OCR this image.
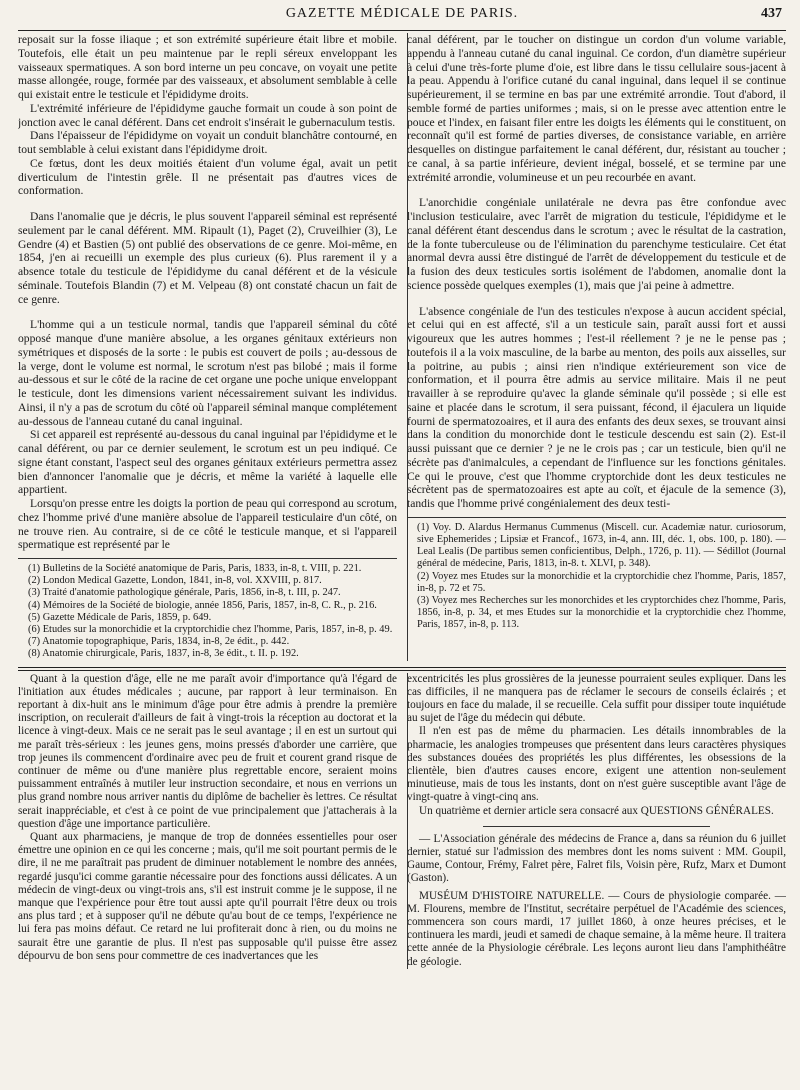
GAZETTE MÉDICALE DE PARIS.	437

reposait sur la fosse iliaque ; et son extrémité supérieure était libre et mobile. Toutefois, elle était un peu maintenue par le repli séreux enveloppant les vaisseaux spermatiques. A son bord interne un peu concave, on voyait une petite masse allongée, rouge, formée par des vaisseaux, et absolument semblable à celle qui existait entre le testicule et l'épididyme droits.

L'extrémité inférieure de l'épididyme gauche formait un coude à son point de jonction avec le canal déférent. Dans cet endroit s'insérait le gubernaculum testis.

Dans l'épaisseur de l'épididyme on voyait un conduit blanchâtre contourné, en tout semblable à celui existant dans l'épididyme droit.

Ce fœtus, dont les deux moitiés étaient d'un volume égal, avait un petit diverticulum de l'intestin grêle. Il ne présentait pas d'autres vices de conformation.

Dans l'anomalie que je décris, le plus souvent l'appareil séminal est représenté seulement par le canal déférent. MM. Ripault (1), Paget (2), Cruveilhier (3), Le Gendre (4) et Bastien (5) ont publié des observations de ce genre. Moi-même, en 1854, j'en ai recueilli un exemple des plus curieux (6). Plus rarement il y a absence totale du testicule de l'épididyme du canal déférent et de la vésicule séminale. Toutefois Blandin (7) et M. Velpeau (8) ont constaté chacun un fait de ce genre.

L'homme qui a un testicule normal, tandis que l'appareil séminal du côté opposé manque d'une manière absolue, a les organes génitaux extérieurs non symétriques et disposés de la sorte : le pubis est couvert de poils ; au-dessous de la verge, dont le volume est normal, le scrotum n'est pas bilobé ; mais il forme au-dessous et sur le côté de la racine de cet organe une poche unique enveloppant le testicule, dont les dimensions varient nécessairement suivant les individus. Ainsi, il n'y a pas de scrotum du côté où l'appareil séminal manque complétement au-dessous de l'anneau cutané du canal inguinal.

Si cet appareil est représenté au-dessous du canal inguinal par l'épididyme et le canal déférent, ou par ce dernier seulement, le scrotum est un peu indiqué. Ce signe étant constant, l'aspect seul des organes génitaux extérieurs permettra assez bien d'annoncer l'anomalie que je décris, et même la variété à laquelle elle appartient.

Lorsqu'on presse entre les doigts la portion de peau qui correspond au scrotum, chez l'homme privé d'une manière absolue de l'appareil testiculaire d'un côté, on ne trouve rien. Au contraire, si de ce côté le testicule manque, et si l'appareil spermatique est représenté par le

(1) Bulletins de la Société anatomique de Paris, Paris, 1833, in-8, t. VIII, p. 221.

(2) London Medical Gazette, London, 1841, in-8, vol. XXVIII, p. 817.

(3) Traité d'anatomie pathologique générale, Paris, 1856, in-8, t. III, p. 247.

(4) Mémoires de la Société de biologie, année 1856, Paris, 1857, in-8, C. R., p. 216.

(5) Gazette Médicale de Paris, 1859, p. 649.

(6) Etudes sur la monorchidie et la cryptorchidie chez l'homme, Paris, 1857, in-8, p. 49.

(7) Anatomie topographique, Paris, 1834, in-8, 2e édit., p. 442.

(8) Anatomie chirurgicale, Paris, 1837, in-8, 3e édit., t. II. p. 192.

canal déférent, par le toucher on distingue un cordon d'un volume variable, appendu à l'anneau cutané du canal inguinal. Ce cordon, d'un diamètre supérieur à celui d'une très-forte plume d'oie, est libre dans le tissu cellulaire sous-jacent à la peau. Appendu à l'orifice cutané du canal inguinal, dans lequel il se continue supérieurement, il se termine en bas par une extrémité arrondie. Tout d'abord, il semble formé de parties uniformes ; mais, si on le presse avec attention entre le pouce et l'index, en faisant filer entre les doigts les éléments qui le constituent, on reconnaît qu'il est formé de parties diverses, de consistance variable, en arrière desquelles on distingue parfaitement le canal déférent, dur, résistant au toucher ; ce canal, à sa partie inférieure, devient inégal, bosselé, et se termine par une extrémité arrondie, volumineuse et un peu recourbée en avant.

L'anorchidie congéniale unilatérale ne devra pas être confondue avec l'inclusion testiculaire, avec l'arrêt de migration du testicule, l'épididyme et le canal déférent étant descendus dans le scrotum ; avec le résultat de la castration, de la fonte tuberculeuse ou de l'élimination du parenchyme testiculaire. Cet état anormal devra aussi être distingué de l'arrêt de développement du testicule et de la fusion des deux testicules sortis isolément de l'abdomen, anomalie dont la science possède quelques exemples (1), mais que j'ai peine à admettre.

L'absence congéniale de l'un des testicules n'expose à aucun accident spécial, et celui qui en est affecté, s'il a un testicule sain, paraît aussi fort et aussi vigoureux que les autres hommes ; l'est-il réellement ? je ne le pense pas ; toutefois il a la voix masculine, de la barbe au menton, des poils aux aisselles, sur la poitrine, au pubis ; ainsi rien n'indique extérieurement son vice de conformation, et il pourra être admis au service militaire. Mais il ne peut travailler à se reproduire qu'avec la glande séminale qu'il possède ; si elle est saine et placée dans le scrotum, il sera puissant, fécond, il éjaculera un liquide fourni de spermatozoaires, et il aura des enfants des deux sexes, se trouvant ainsi dans la condition du monorchide dont le testicule descendu est sain (2). Est-il aussi puissant que ce dernier ? je ne le crois pas ; car un testicule, bien qu'il ne sécrète pas d'animalcules, a cependant de l'influence sur les fonctions génitales. Ce qui le prouve, c'est que l'homme cryptorchide dont les deux testicules ne sécrètent pas de spermatozoaires est apte au coït, et éjacule de la semence (3), tandis que l'homme privé congénialement des deux testi-

(1) Voy. D. Alardus Hermanus Cummenus (Miscell. cur. Academiæ natur. curiosorum, sive Ephemerides ; Lipsiæ et Francof., 1673, in-4, ann. III, déc. 1, obs. 100, p. 180). — Leal Lealis (De partibus semen conficientibus, Delph., 1726, p. 11). — Sédillot (Journal général de médecine, Paris, 1813, in-8. t. XLVI, p. 348).

(2) Voyez mes Etudes sur la monorchidie et la cryptorchidie chez l'homme, Paris, 1857, in-8, p. 72 et 75.

(3) Voyez mes Recherches sur les monorchides et les cryptorchides chez l'homme, Paris, 1856, in-8, p. 34, et mes Etudes sur la monorchidie et la cryptorchidie chez l'homme, Paris, 1857, in-8, p. 113.

Quant à la question d'âge, elle ne me paraît avoir d'importance qu'à l'égard de l'initiation aux études médicales ; aucune, par rapport à leur terminaison. En reportant à dix-huit ans le minimum d'âge pour être admis à prendre la première inscription, on reculerait d'ailleurs de fait à vingt-trois la réception au doctorat et la licence à vingt-deux. Mais ce ne serait pas le seul avantage ; il en est un surtout qui me paraît très-sérieux : les jeunes gens, moins pressés d'aborder une carrière, que trop jeunes ils commencent d'ordinaire avec peu de fruit et courent grand risque de continuer de même ou d'une manière plus regrettable encore, seraient moins puissamment entraînés à mutiler leur instruction secondaire, et nous en verrions un plus grand nombre nous arriver nantis du diplôme de bachelier ès lettres. Ce résultat serait inappréciable, et c'est à ce point de vue principalement que j'attacherais à la question d'âge une importance particulière.

Quant aux pharmaciens, je manque de trop de données essentielles pour oser émettre une opinion en ce qui les concerne ; mais, qu'il me soit pourtant permis de le dire, il ne me paraîtrait pas prudent de diminuer notablement le nombre des années, regardé jusqu'ici comme garantie nécessaire pour des fonctions aussi délicates. A un médecin de vingt-deux ou vingt-trois ans, s'il est instruit comme je le suppose, il ne manque que l'expérience pour être tout aussi apte qu'il pourrait l'être deux ou trois ans plus tard ; et à supposer qu'il ne débute qu'au bout de ce temps, l'expérience ne lui fera pas moins défaut. Ce retard ne lui profiterait donc à rien, ou du moins ne saurait être une garantie de plus. Il n'est pas supposable qu'il puisse être assez dépourvu de bon sens pour commettre de ces inadvertances que les

excentricités les plus grossières de la jeunesse pourraient seules expliquer. Dans les cas difficiles, il ne manquera pas de réclamer le secours de conseils éclairés ; et toujours en face du malade, il se recueille. Cela suffit pour dissiper toute inquiétude au sujet de l'âge du médecin qui débute.

Il n'en est pas de même du pharmacien. Les détails innombrables de la pharmacie, les analogies trompeuses que présentent dans leurs caractères physiques des substances douées des propriétés les plus différentes, les obsessions de la clientèle, bien d'autres causes encore, exigent une attention non-seulement minutieuse, mais de tous les instants, dont on n'est guère susceptible avant l'âge de vingt-quatre à vingt-cinq ans.

Un quatrième et dernier article sera consacré aux QUESTIONS GÉNÉRALES.

— L'Association générale des médecins de France a, dans sa réunion du 6 juillet dernier, statué sur l'admission des membres dont les noms suivent : MM. Goupil, Gaume, Contour, Frémy, Falret père, Falret fils, Voisin père, Rufz, Marx et Dumont (Gaston).

MUSÉUM D'HISTOIRE NATURELLE. — Cours de physiologie comparée. — M. Flourens, membre de l'Institut, secrétaire perpétuel de l'Académie des sciences, commencera son cours mardi, 17 juillet 1860, à onze heures précises, et le continuera les mardi, jeudi et samedi de chaque semaine, à la même heure. Il traitera cette année de la Physiologie cérébrale. Les leçons auront lieu dans l'amphithéâtre de géologie.
